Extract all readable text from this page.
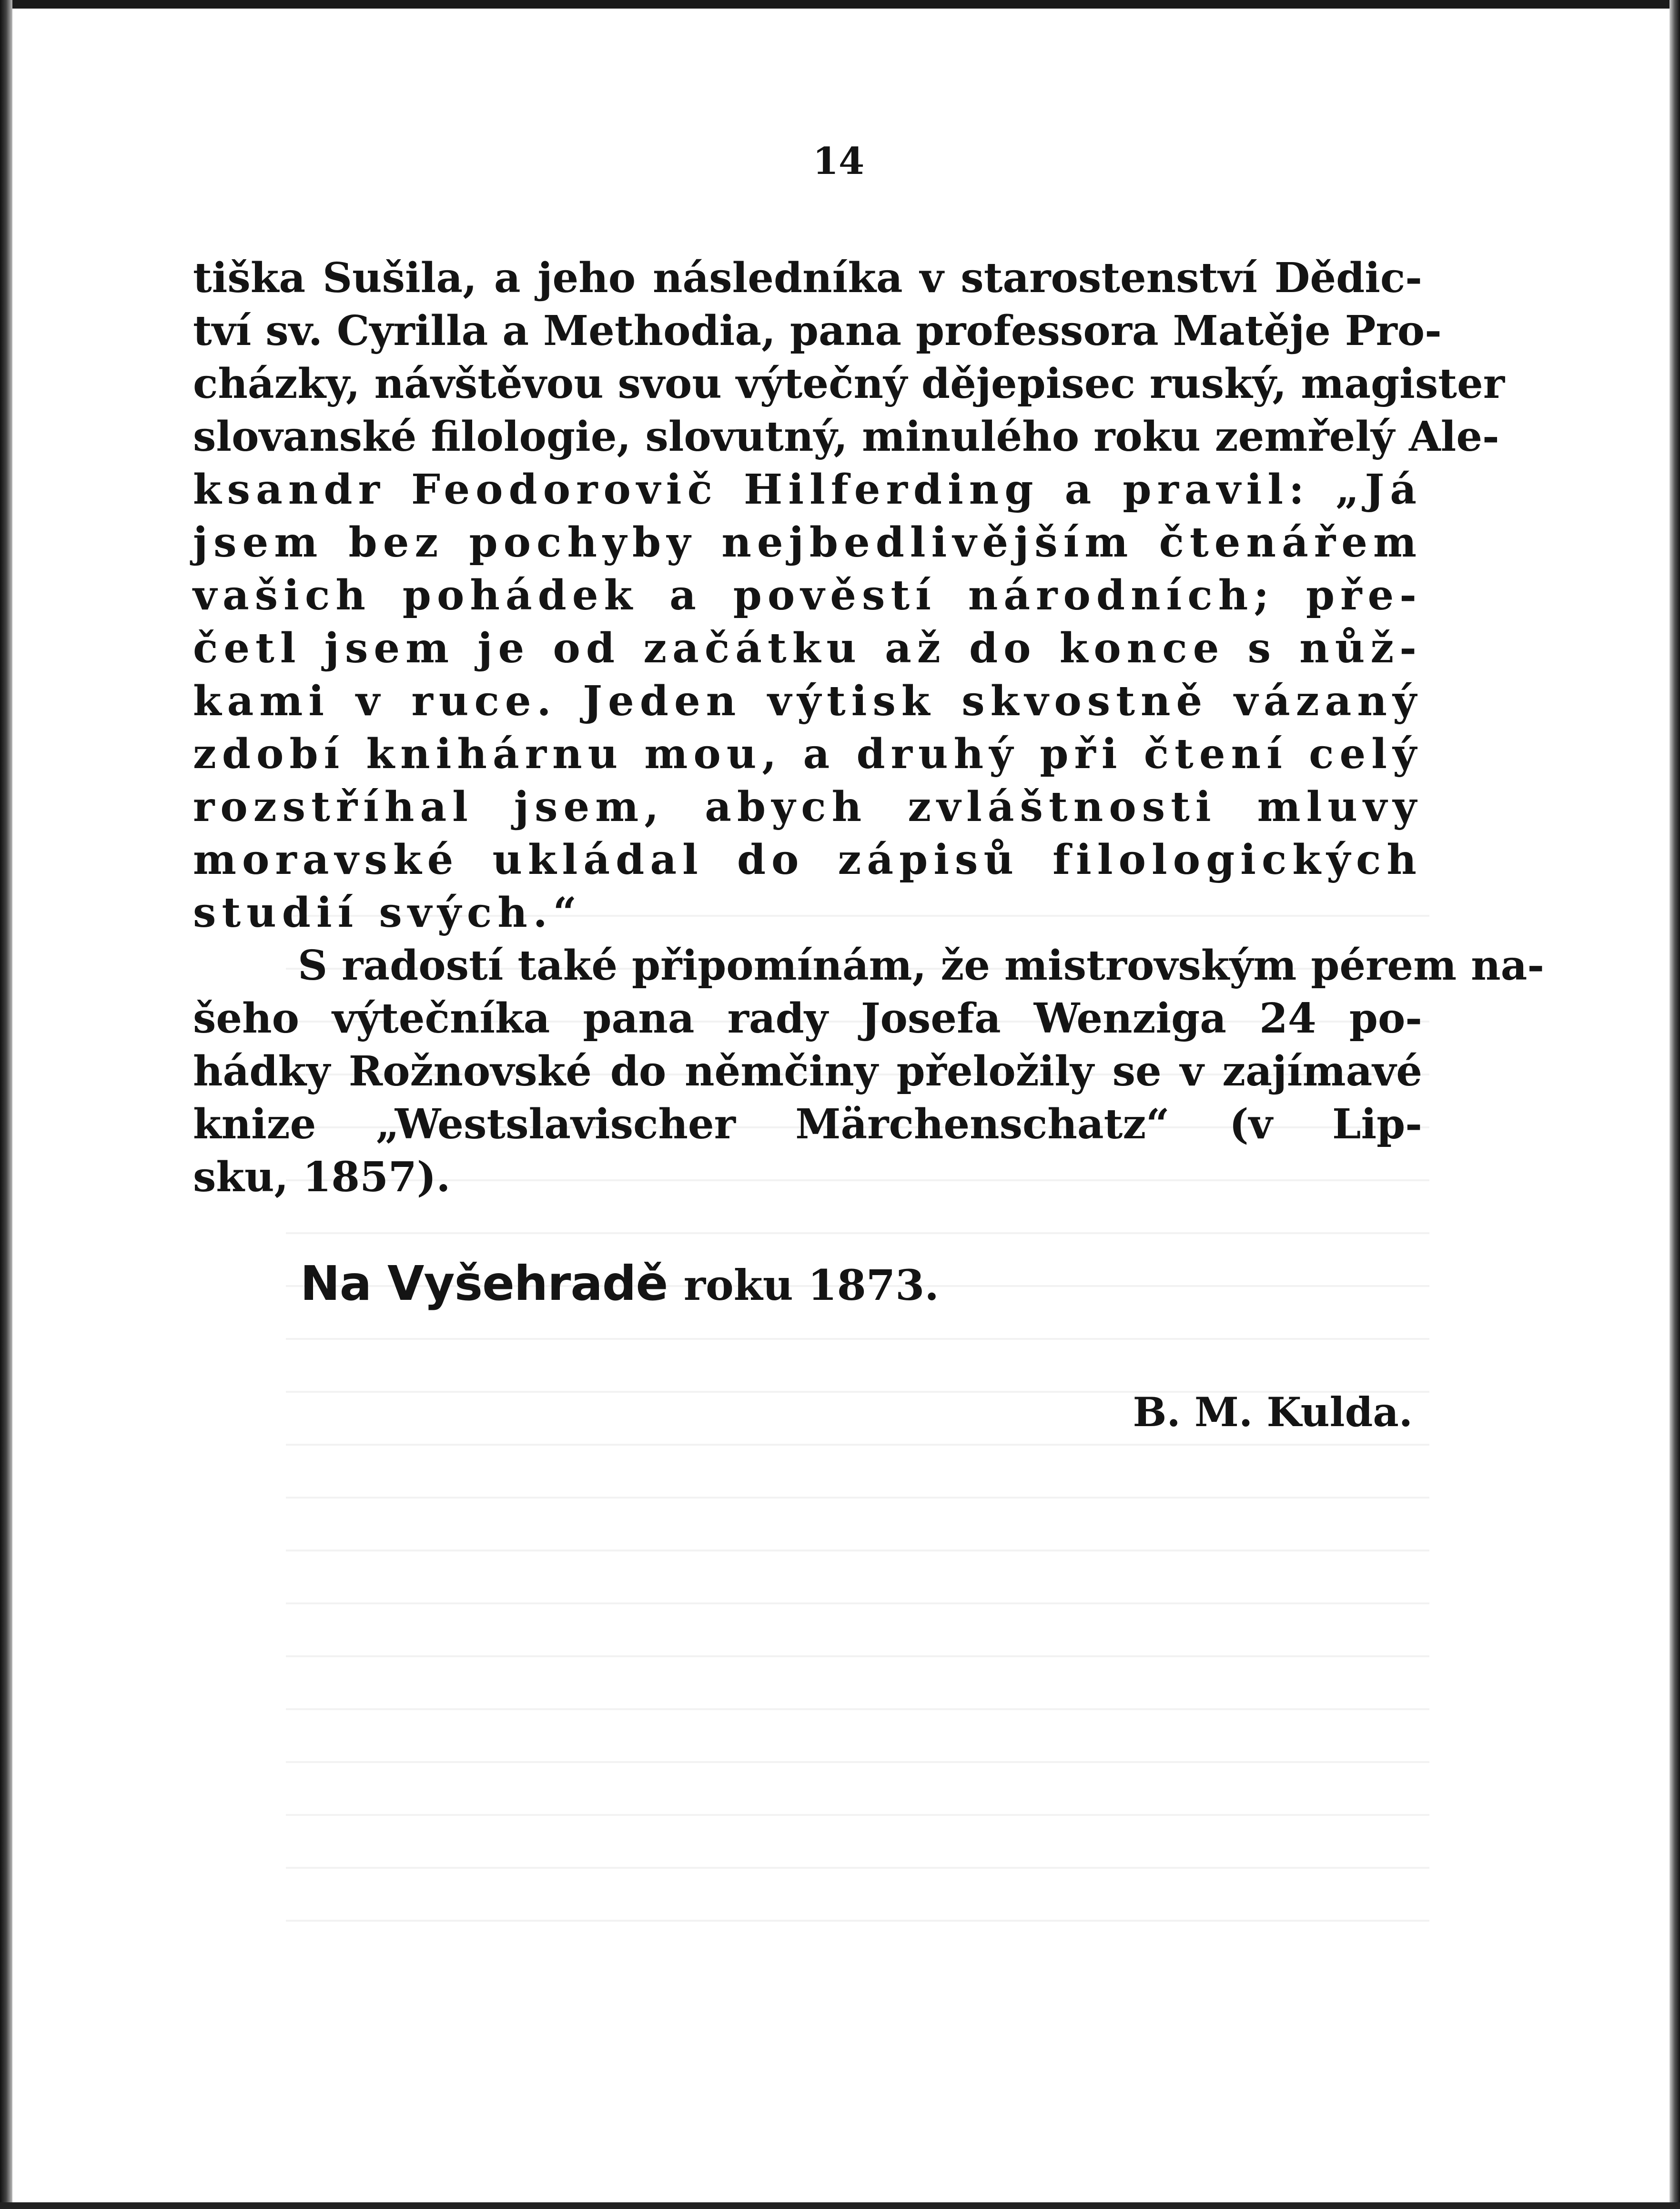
14
tiška Sušila, a jeho následníka v starostenství Dědic-
tví sv. Cyrilla a Methodia, pana professora Matěje Pro-
cházky, návštěvou svou výtečný dějepisec ruský, magister
slovanské filologie, slovutný, minulého roku zemřelý Ale-
ksandr Feodorovič Hilferding a pravil: „Já
jsem bez pochyby nejbedlivějším čtenářem
vašich pohádek a pověstí národních; pře-
četl jsem je od začátku až do konce s nůž-
kami v ruce. Jeden výtisk skvostně vázaný
zdobí knihárnu mou, a druhý při čtení celý
rozstříhal jsem, abych zvláštnosti mluvy
moravské ukládal do zápisů filologických
studií svých.“
S radostí také připomínám, že mistrovským pérem na-
šeho výtečníka pana rady Josefa Wenziga 24 po-
hádky Rožnovské do němčiny přeložily se v zajímavé
knize „Westslavischer Märchenschatz“ (v Lip-
sku, 1857).
Na Vyšehradě roku 1873.
B. M. Kulda.
